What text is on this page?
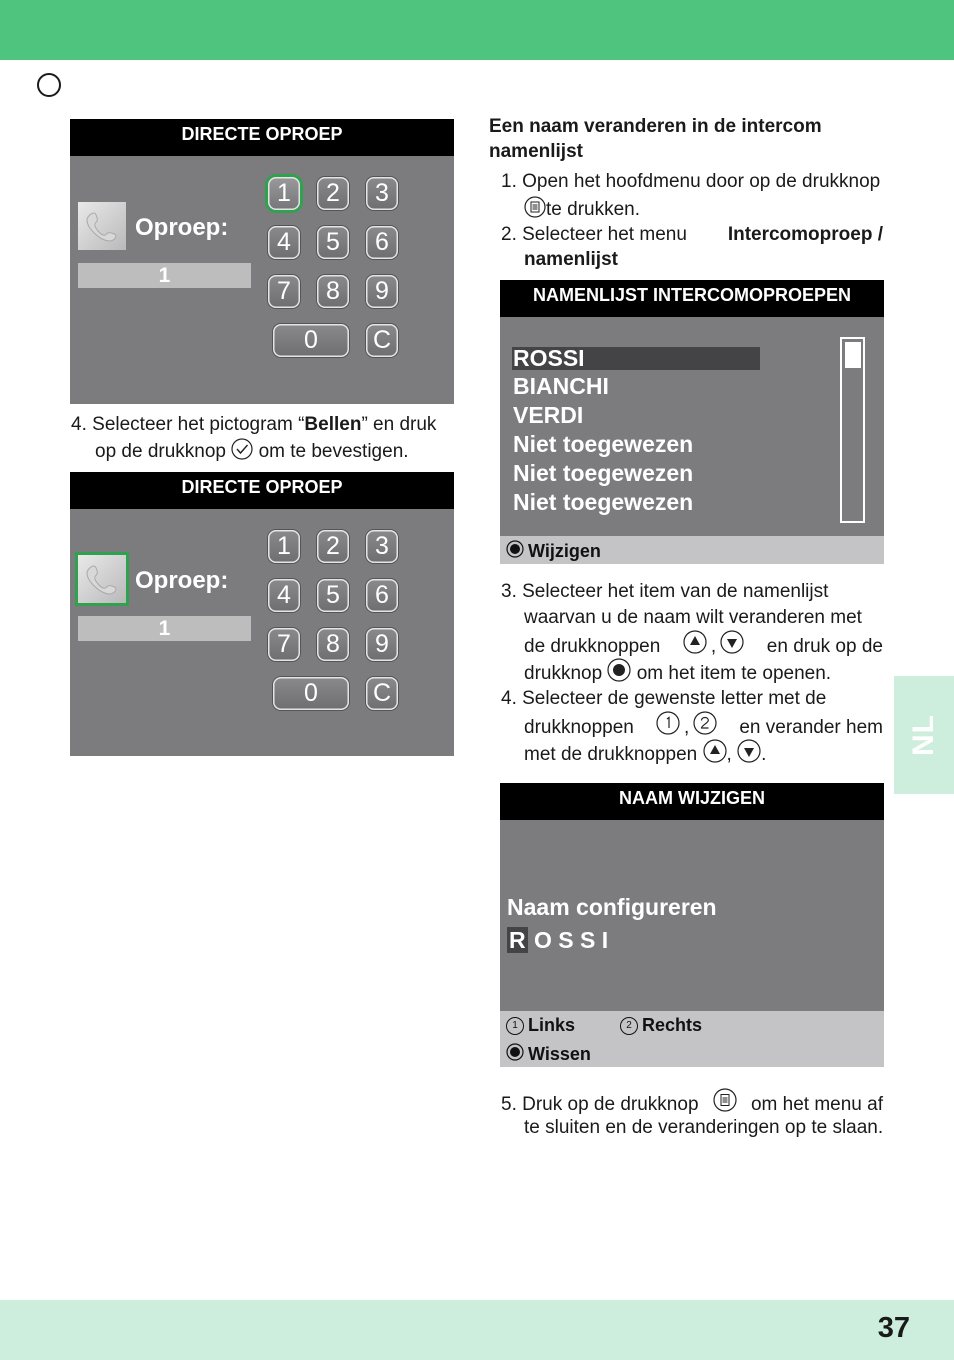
DIRECTE OPROEP
Oproep:
1
1	2	3
4	5	6
7	8	9
0	C
4. Selecteer het pictogram “Bellen” en druk
op de drukknop om te bevestigen.
DIRECTE OPROEP
Oproep:
1
1	2	3
4	5	6
7	8	9
0	C
Een naam veranderen in de intercom
namenlijst
1. Open het hoofdmenu door op de drukknop
te drukken.
2. Selecteer het menu Intercomoproep /
namenlijst
NAMENLIJST INTERCOMOPROEPEN
ROSSI
BIANCHI
VERDI
Niet toegewezen
Niet toegewezen
Niet toegewezen
Wijzigen
3. Selecteer het item van de namenlijst
waarvan u de naam wilt veranderen met
de drukknoppen	,	en druk op de
drukknop om het item te openen.
4. Selecteer de gewenste letter met de
drukknoppen	,	en verander hem
met de drukknoppen , .
NAAM WIJZIGEN
Naam configureren
R O S S I
1 Links	2 Rechts
Wissen
5. Druk op de drukknop	om het menu af
te sluiten en de veranderingen op te slaan.
NL
37
